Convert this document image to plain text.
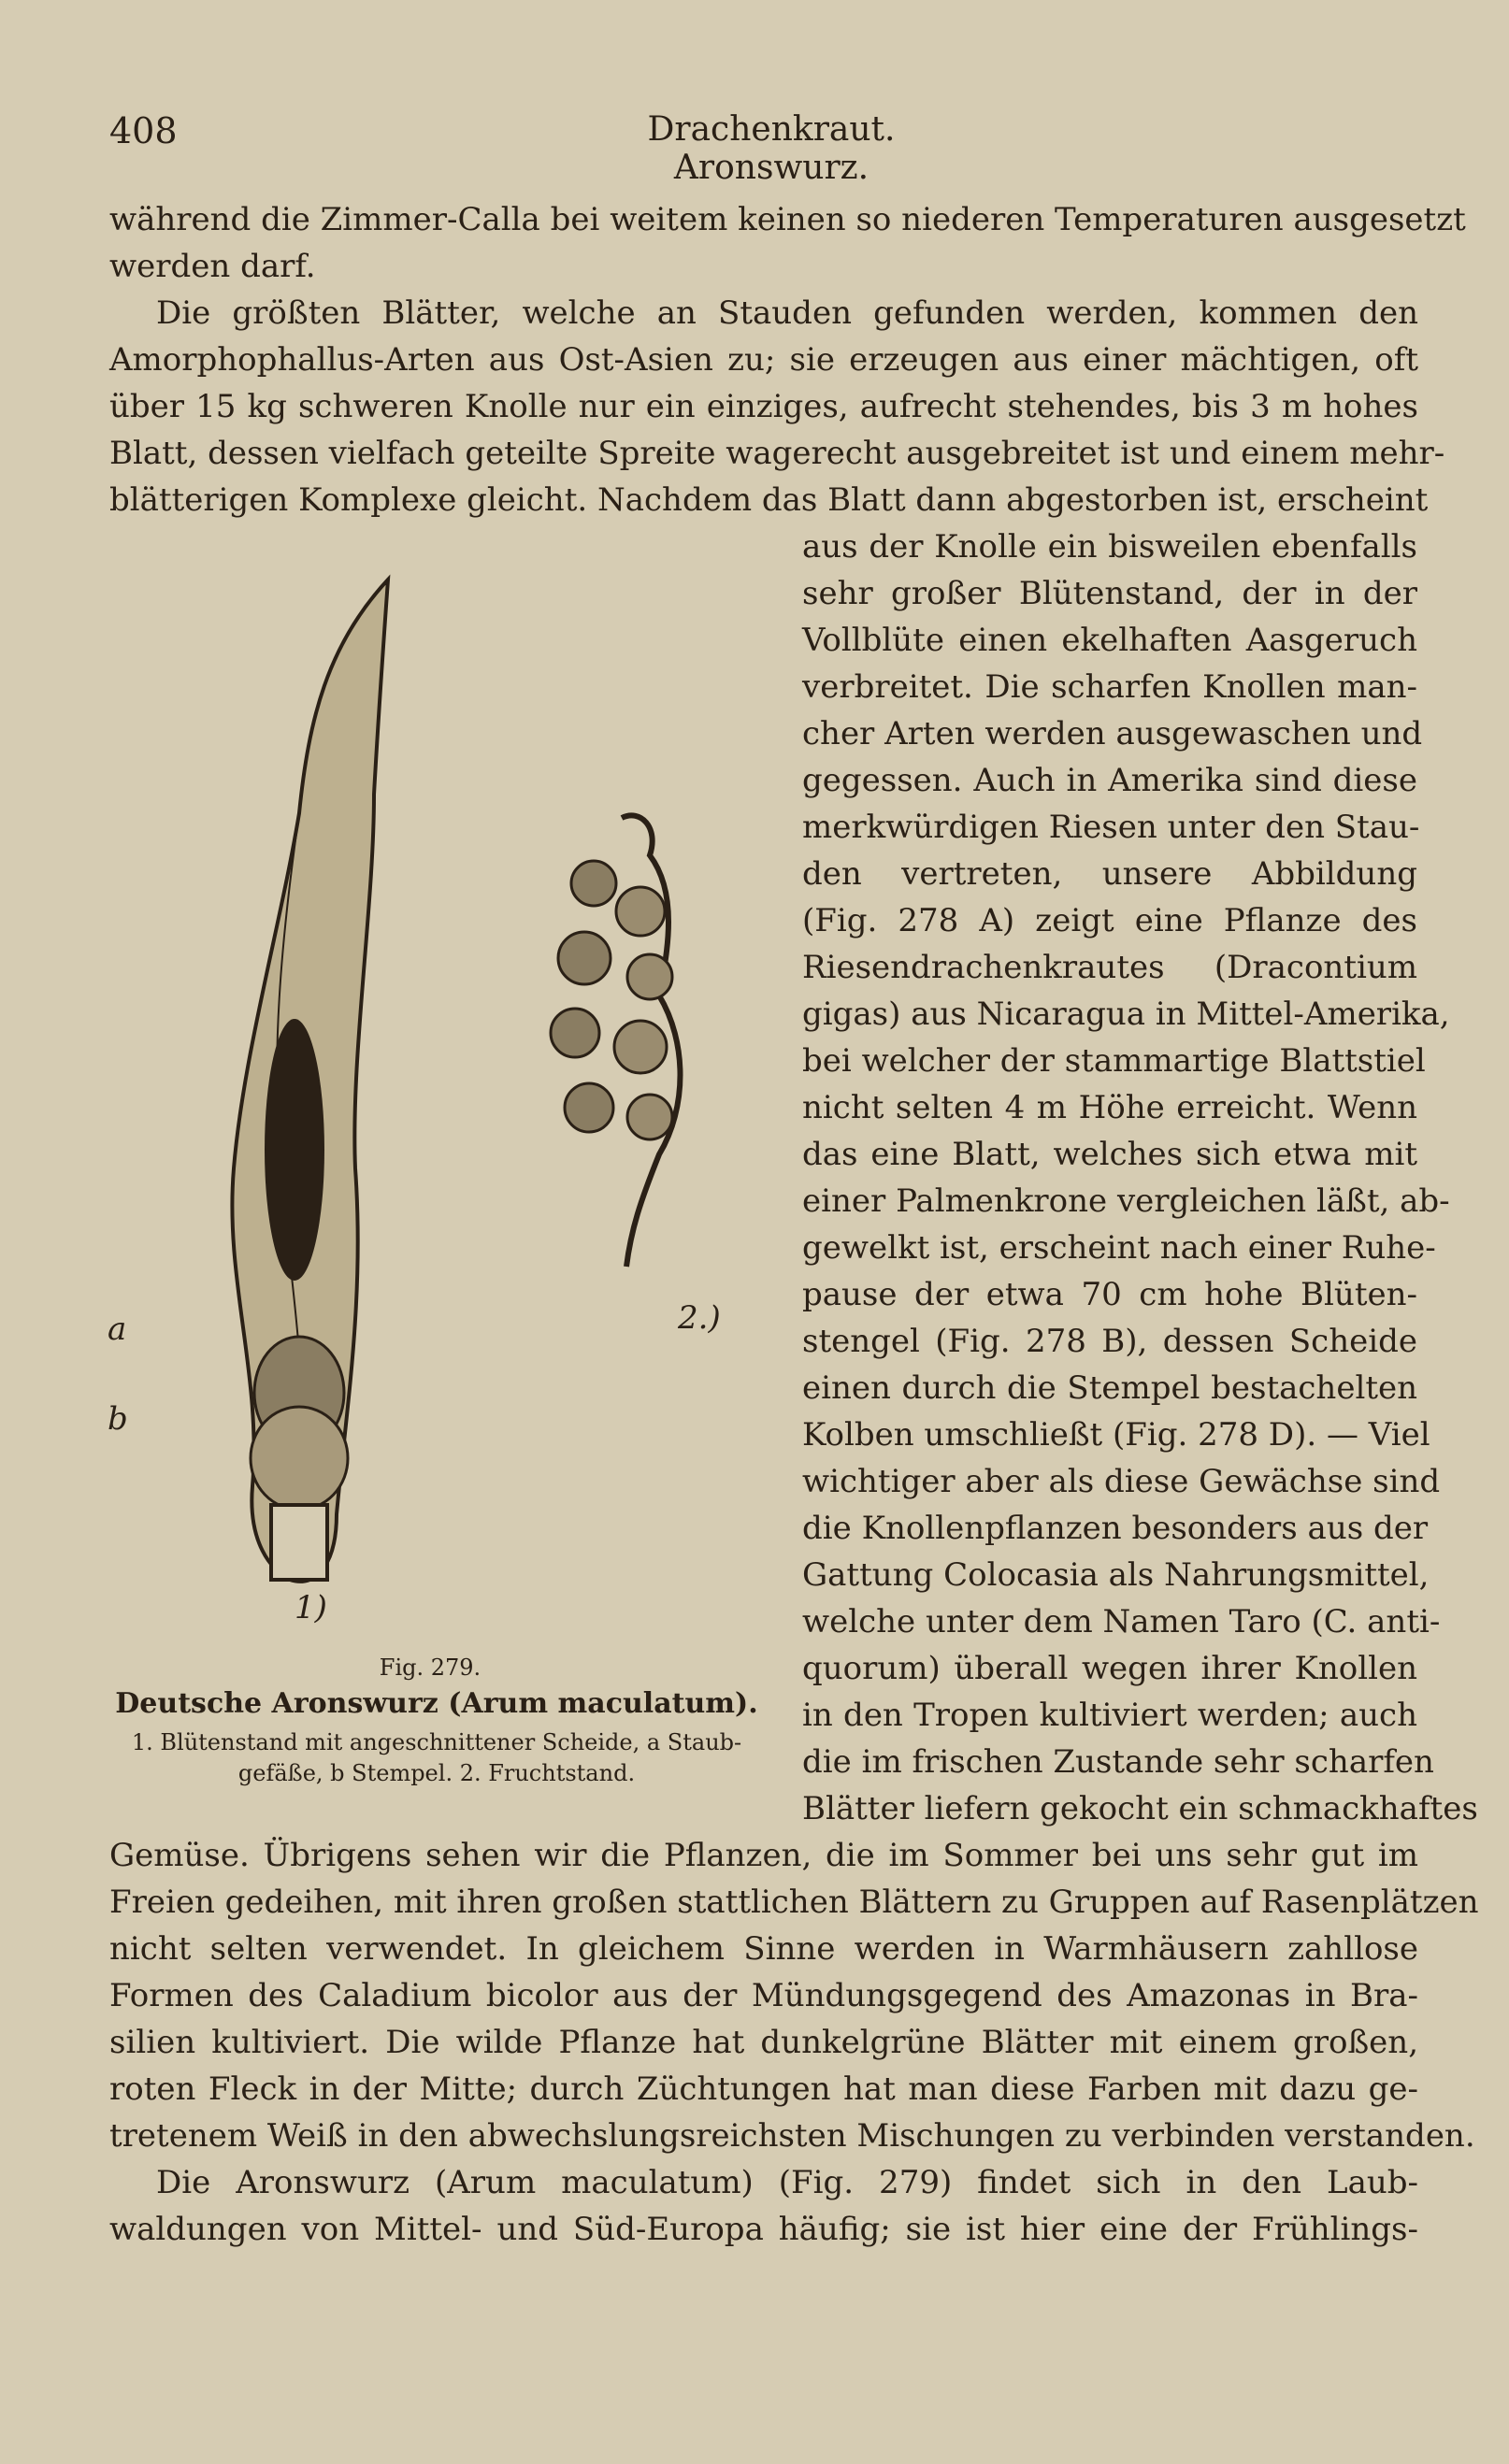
408	Drachenkraut. Aronswurz.
während die Zimmer-Calla bei weitem keinen so niederen Temperaturen ausgesetzt
werden darf.
Die größten Blätter, welche an Stauden gefunden werden, kommen den
Amorphophallus-Arten aus Ost-Asien zu; sie erzeugen aus einer mächtigen, oft
über 15 kg schweren Knolle nur ein einziges, aufrecht stehendes, bis 3 m hohes
Blatt, dessen vielfach geteilte Spreite wagerecht ausgebreitet ist und einem mehr-
blätterigen Komplexe gleicht. Nachdem das Blatt dann abgestorben ist, erscheint
aus der Knolle ein bisweilen ebenfalls
sehr großer Blütenstand, der in der
Vollblüte einen ekelhaften Aasgeruch
verbreitet. Die scharfen Knollen man-
cher Arten werden ausgewaschen und
gegessen. Auch in Amerika sind diese
merkwürdigen Riesen unter den Stau-
den vertreten, unsere Abbildung
(Fig. 278 A) zeigt eine Pflanze des
Riesendrachenkrautes (Dracontium
gigas) aus Nicaragua in Mittel-Amerika,
bei welcher der stammartige Blattstiel
nicht selten 4 m Höhe erreicht. Wenn
das eine Blatt, welches sich etwa mit
einer Palmenkrone vergleichen läßt, ab-
gewelkt ist, erscheint nach einer Ruhe-
pause der etwa 70 cm hohe Blüten-
stengel (Fig. 278 B), dessen Scheide
einen durch die Stempel bestachelten
Kolben umschließt (Fig. 278 D). — Viel
wichtiger aber als diese Gewächse sind
die Knollenpflanzen besonders aus der
Gattung Colocasia als Nahrungsmittel,
welche unter dem Namen Taro (C. anti-
quorum) überall wegen ihrer Knollen
in den Tropen kultiviert werden; auch
die im frischen Zustande sehr scharfen
Blätter liefern gekocht ein schmackhaftes
a
b
1)
2.)
Fig. 279.
Deutsche Aronswurz (Arum maculatum).
1. Blütenstand mit angeschnittener Scheide, a Staub-
gefäße, b Stempel. 2. Fruchtstand.
Gemüse. Übrigens sehen wir die Pflanzen, die im Sommer bei uns sehr gut im
Freien gedeihen, mit ihren großen stattlichen Blättern zu Gruppen auf Rasenplätzen
nicht selten verwendet. In gleichem Sinne werden in Warmhäusern zahllose
Formen des Caladium bicolor aus der Mündungsgegend des Amazonas in Bra-
silien kultiviert. Die wilde Pflanze hat dunkelgrüne Blätter mit einem großen,
roten Fleck in der Mitte; durch Züchtungen hat man diese Farben mit dazu ge-
tretenem Weiß in den abwechslungsreichsten Mischungen zu verbinden verstanden.
Die Aronswurz (Arum maculatum) (Fig. 279) findet sich in den Laub-
waldungen von Mittel- und Süd-Europa häufig; sie ist hier eine der Frühlings-
